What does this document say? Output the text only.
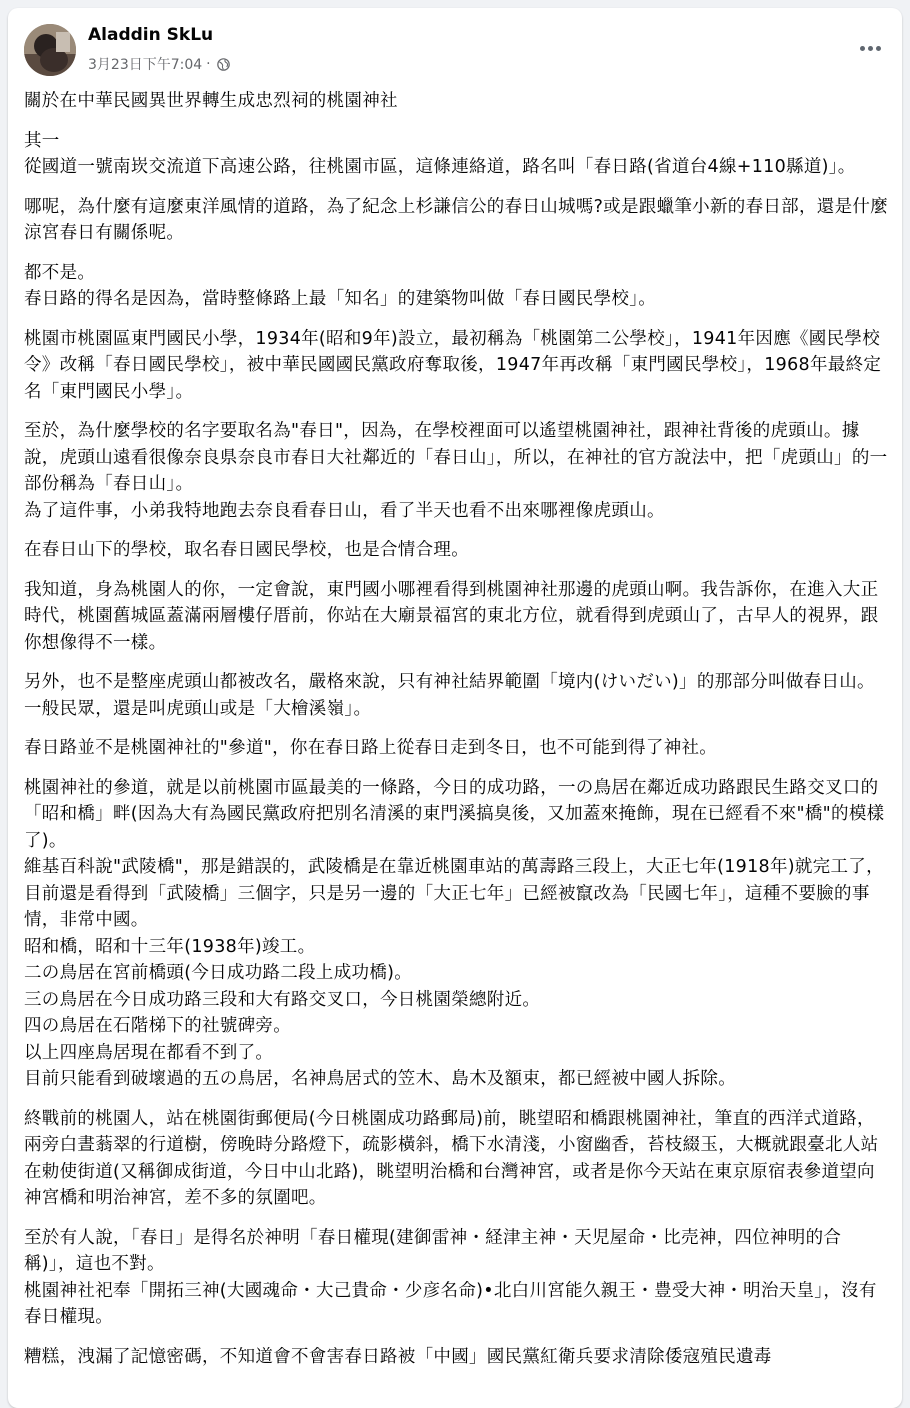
Aladdin SkLu
3月23日下午7:04 ·

關於在中華民國異世界轉生成忠烈祠的桃園神社

其一
從國道一號南崁交流道下高速公路，往桃園市區，這條連絡道，路名叫「春日路(省道台4線+110縣道)」。

哪呢，為什麼有這麼東洋風情的道路，為了紀念上杉謙信公的春日山城嗎?或是跟蠟筆小新的春日部，還是什麼涼宮春日有關係呢。

都不是。
春日路的得名是因為，當時整條路上最「知名」的建築物叫做「春日國民學校」。

桃園市桃園區東門國民小學，1934年(昭和9年)設立，最初稱為「桃園第二公學校」，1941年因應《國民學校令》改稱「春日國民學校」，被中華民國國民黨政府奪取後，1947年再改稱「東門國民學校」，1968年最終定名「東門國民小學」。

至於，為什麼學校的名字要取名為"春日"，因為，在學校裡面可以遙望桃園神社，跟神社背後的虎頭山。據說，虎頭山遠看很像奈良県奈良市春日大社鄰近的「春日山」，所以，在神社的官方說法中，把「虎頭山」的一部份稱為「春日山」。
為了這件事，小弟我特地跑去奈良看春日山，看了半天也看不出來哪裡像虎頭山。

在春日山下的學校，取名春日國民學校，也是合情合理。

我知道，身為桃園人的你，一定會說，東門國小哪裡看得到桃園神社那邊的虎頭山啊。我告訴你，在進入大正時代，桃園舊城區蓋滿兩層樓仔厝前，你站在大廟景福宮的東北方位，就看得到虎頭山了，古早人的視界，跟你想像得不一樣。

另外，也不是整座虎頭山都被改名，嚴格來說，只有神社結界範圍「境内(けいだい)」的那部分叫做春日山。一般民眾，還是叫虎頭山或是「大檜溪嶺」。

春日路並不是桃園神社的"參道"，你在春日路上從春日走到冬日，也不可能到得了神社。

桃園神社的參道，就是以前桃園市區最美的一條路，今日的成功路，一の鳥居在鄰近成功路跟民生路交叉口的「昭和橋」畔(因為大有為國民黨政府把別名清溪的東門溪搞臭後，又加蓋來掩飾，現在已經看不來"橋"的模樣了)。
維基百科說"武陵橋"，那是錯誤的，武陵橋是在靠近桃園車站的萬壽路三段上，大正七年(1918年)就完工了，目前還是看得到「武陵橋」三個字，只是另一邊的「大正七年」已經被竄改為「民國七年」，這種不要臉的事情，非常中國。
昭和橋，昭和十三年(1938年)竣工。
二の鳥居在宮前橋頭(今日成功路二段上成功橋)。
三の鳥居在今日成功路三段和大有路交叉口，今日桃園榮總附近。
四の鳥居在石階梯下的社號碑旁。
以上四座鳥居現在都看不到了。
目前只能看到破壞過的五の鳥居，名神鳥居式的笠木、島木及額束，都已經被中國人拆除。

終戰前的桃園人，站在桃園街郵便局(今日桃園成功路郵局)前，眺望昭和橋跟桃園神社，筆直的西洋式道路，兩旁白晝蓊翠的行道樹，傍晚時分路燈下，疏影橫斜，橋下水清淺，小窗幽香，苔枝綴玉，大概就跟臺北人站在勅使街道(又稱御成街道，今日中山北路)，眺望明治橋和台灣神宮，或者是你今天站在東京原宿表參道望向神宮橋和明治神宮，差不多的氛圍吧。

至於有人說，「春日」是得名於神明「春日權現(建御雷神・経津主神・天児屋命・比売神，四位神明的合稱)」，這也不對。
桃園神社祀奉「開拓三神(大國魂命・大己貴命・少彦名命)•北白川宮能久親王・豊受大神・明治天皇」，沒有春日權現。

糟糕，洩漏了記憶密碼，不知道會不會害春日路被「中國」國民黨紅衛兵要求清除倭寇殖民遺毒
